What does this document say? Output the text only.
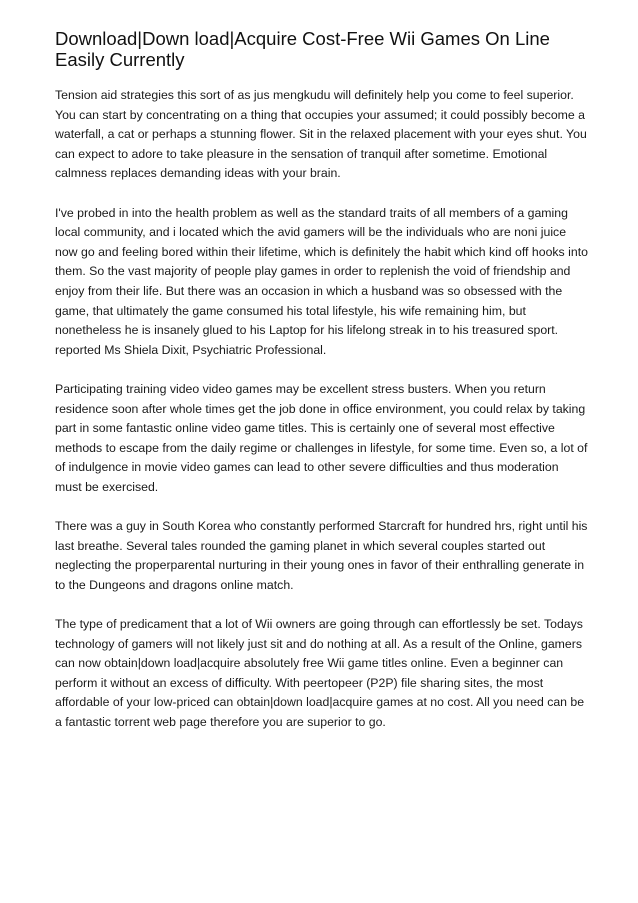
Download|Down load|Acquire Cost-Free Wii Games On Line Easily Currently

Tension aid strategies this sort of as jus mengkudu will definitely help you come to feel superior. You can start by concentrating on a thing that occupies your assumed; it could possibly become a waterfall, a cat or perhaps a stunning flower. Sit in the relaxed placement with your eyes shut. You can expect to adore to take pleasure in the sensation of tranquil after sometime. Emotional calmness replaces demanding ideas with your brain.

I've probed in into the health problem as well as the standard traits of all members of a gaming local community, and i located which the avid gamers will be the individuals who are noni juice now go and feeling bored within their lifetime, which is definitely the habit which kind off hooks into them. So the vast majority of people play games in order to replenish the void of friendship and enjoy from their life. But there was an occasion in which a husband was so obsessed with the game, that ultimately the game consumed his total lifestyle, his wife remaining him, but nonetheless he is insanely glued to his Laptop for his lifelong streak in to his treasured sport. reported Ms Shiela Dixit, Psychiatric Professional.

Participating training video video games may be excellent stress busters. When you return residence soon after whole times get the job done in office environment, you could relax by taking part in some fantastic online video game titles. This is certainly one of several most effective methods to escape from the daily regime or challenges in lifestyle, for some time. Even so, a lot of of indulgence in movie video games can lead to other severe difficulties and thus moderation must be exercised.

There was a guy in South Korea who constantly performed Starcraft for hundred hrs, right until his last breathe. Several tales rounded the gaming planet in which several couples started out neglecting the properparental nurturing in their young ones in favor of their enthralling generate in to the Dungeons and dragons online match.

The type of predicament that a lot of Wii owners are going through can effortlessly be set. Todays technology of gamers will not likely just sit and do nothing at all. As a result of the Online, gamers can now obtain|down load|acquire absolutely free Wii game titles online. Even a beginner can perform it without an excess of difficulty. With peertopeer (P2P) file sharing sites, the most affordable of your low-priced can obtain|down load|acquire games at no cost. All you need can be a fantastic torrent web page therefore you are superior to go.
